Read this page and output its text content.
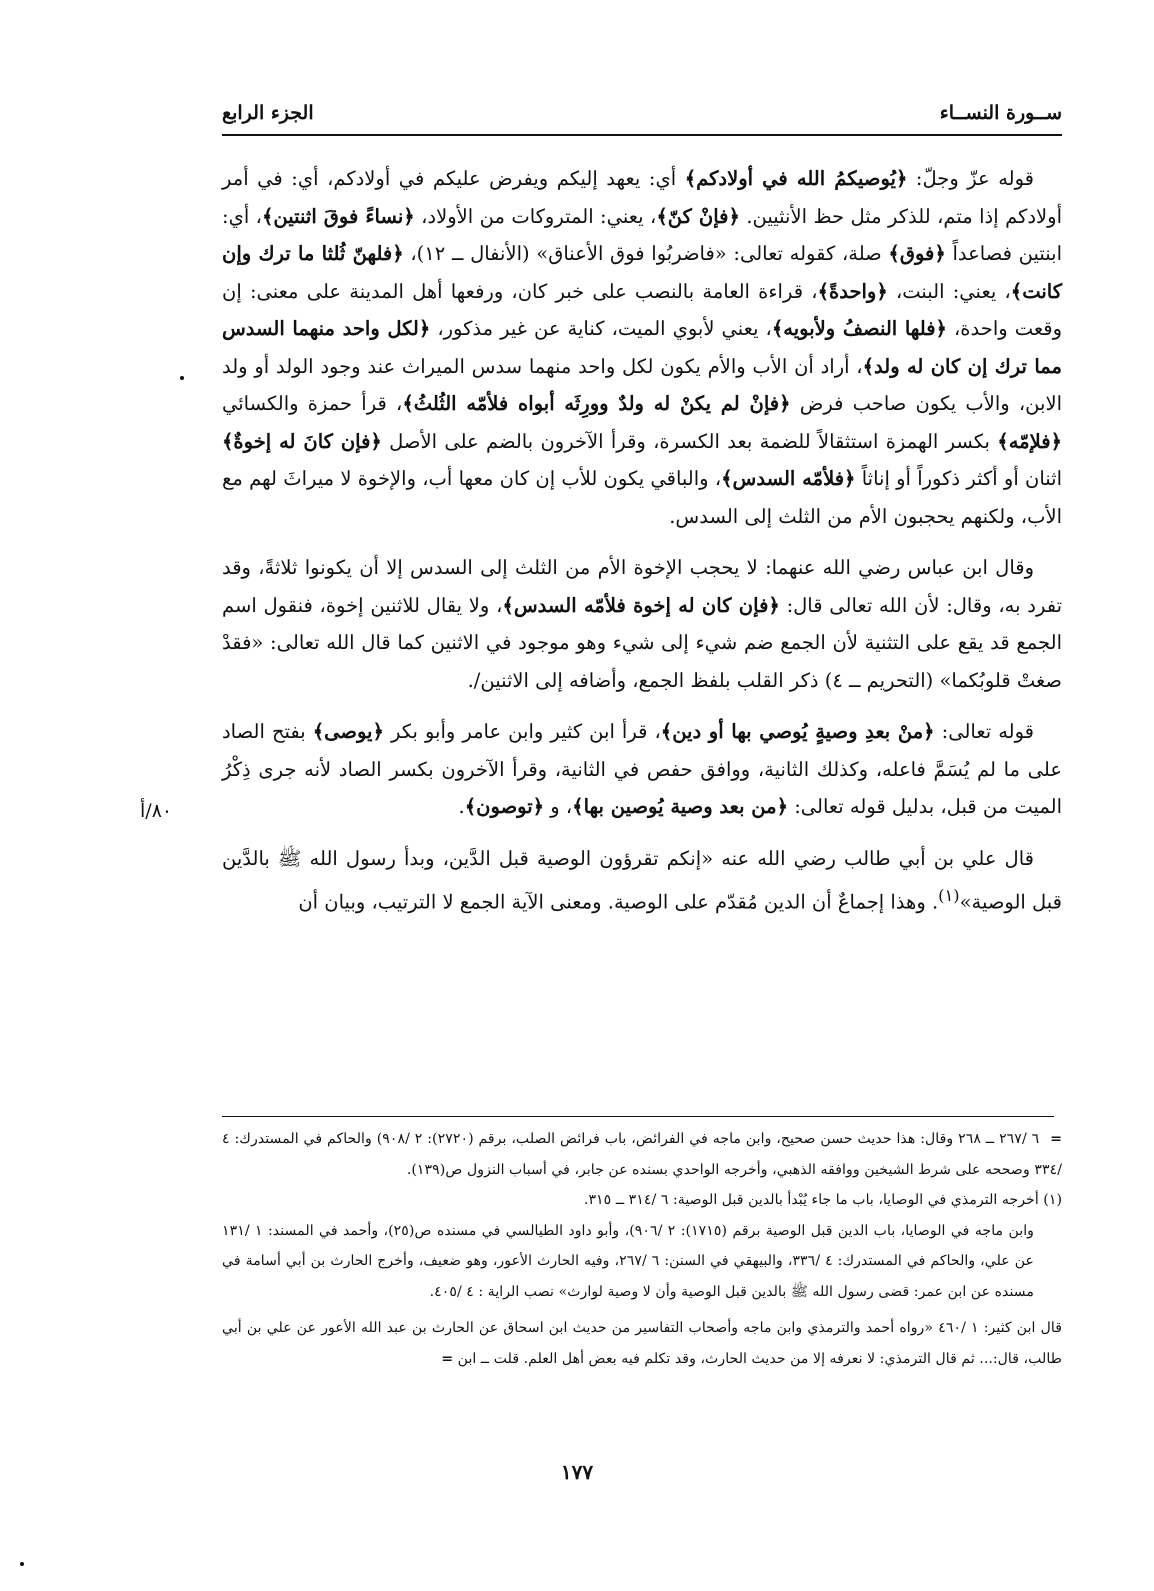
ســورة النســاء
الجزء الرابع

قوله عزّ وجلّ: ﴿يُوصيكمُ الله في أولادكم﴾ أي: يعهد إليكم ويفرض عليكم في أولادكم، أي: في أمر أولادكم إذا متم، للذكر مثل حظ الأنثيين. ﴿فإنْ كنّ﴾، يعني: المتروكات من الأولاد، ﴿نساءً فوقَ اثنتين﴾، أي: ابنتين فصاعداً ﴿فوق﴾ صلة، كقوله تعالى: «فاضربُوا فوق الأعناق» (الأنفال ــ ١٢)، ﴿فلهنّ ثُلثا ما ترك وإن كانت﴾، يعني: البنت، ﴿واحدةً﴾، قراءة العامة بالنصب على خبر كان، ورفعها أهل المدينة على معنى: إن وقعت واحدة، ﴿فلها النصفُ ولأبويه﴾، يعني لأبوي الميت، كناية عن غير مذكور، ﴿لكل واحد منهما السدس مما ترك إن كان له ولد﴾، أراد أن الأب والأم يكون لكل واحد منهما سدس الميراث عند وجود الولد أو ولد الابن، والأب يكون صاحب فرض ﴿فإنْ لم يكنْ له ولدٌ وورِثَه أبواه فلأمّه الثُلثُ﴾، قرأ حمزة والكسائي ﴿فلإمّه﴾ بكسر الهمزة استثقالاً للضمة بعد الكسرة، وقرأ الآخرون بالضم على الأصل ﴿فإن كانَ له إخوةٌ﴾ اثنان أو أكثر ذكوراً أو إناثاً ﴿فلأمّه السدس﴾، والباقي يكون للأب إن كان معها أب، والإخوة لا ميراثَ لهم مع الأب، ولكنهم يحجبون الأم من الثلث إلى السدس.

وقال ابن عباس رضي الله عنهما: لا يحجب الإخوة الأم من الثلث إلى السدس إلا أن يكونوا ثلاثةً، وقد تفرد به، وقال: لأن الله تعالى قال: ﴿فإن كان له إخوة فلأمّه السدس﴾، ولا يقال للاثنين إخوة، فنقول اسم الجمع قد يقع على التثنية لأن الجمع ضم شيء إلى شيء وهو موجود في الاثنين كما قال الله تعالى: «فقدْ صغتْ قلوبُكما» (التحريم ــ ٤) ذكر القلب بلفظ الجمع، وأضافه إلى الاثنين/.

قوله تعالى: ﴿منْ بعدِ وصيةٍ يُوصي بها أو دين﴾، قرأ ابن كثير وابن عامر وأبو بكر ﴿يوصى﴾ بفتح الصاد على ما لم يُسَمَّ فاعله، وكذلك الثانية، ووافق حفص في الثانية، وقرأ الآخرون بكسر الصاد لأنه جرى ذِكْرُ الميت من قبل، بدليل قوله تعالى: ﴿من بعد وصية يُوصين بها﴾، و ﴿توصون﴾.

قال علي بن أبي طالب رضي الله عنه «إنكم تقرؤون الوصية قبل الدَّين، وبدأ رسول الله ﷺ بالدَّين قبل الوصية»$^{(١)}$. وهذا إجماعٌ أن الدين مُقدّم على الوصية. ومعنى الآية الجمع لا الترتيب، وبيان أن

٨٠/أ

= ٦ /٢٦٧ ــ ٢٦٨ وقال: هذا حديث حسن صحيح، وابن ماجه في الفرائض، باب فرائض الصلب، برقم (٢٧٢٠): ٢ /٩٠٨) والحاكم في المستدرك: ٤ /٣٣٤ وصححه على شرط الشيخين ووافقه الذهبي، وأخرجه الواحدي بسنده عن جابر، في أسباب النزول ص(١٣٩).

(١) أخرجه الترمذي في الوصايا، باب ما جاء يُبْدأ بالدين قبل الوصية: ٦ /٣١٤ ــ ٣١٥.

وابن ماجه في الوصايا، باب الدين قبل الوصية برقم (١٧١٥): ٢ /٩٠٦)، وأبو داود الطيالسي في مسنده ص(٢٥)، وأحمد في المسند: ١ /١٣١ عن علي، والحاكم في المستدرك: ٤ /٣٣٦، والبيهقي في السنن: ٦ /٢٦٧، وفيه الحارث الأعور، وهو ضعيف، وأخرج الحارث بن أبي أسامة في مسنده عن ابن عمر: قضى رسول الله ﷺ بالدين قبل الوصية وأن لا وصية لوارث» نصب الراية : ٤ /٤٠٥.

قال ابن كثير: ١ /٤٦٠ «رواه أحمد والترمذي وابن ماجه وأصحاب التفاسير من حديث ابن اسحاق عن الحارث بن عبد الله الأعور عن علي بن أبي طالب، قال:... ثم قال الترمذي: لا نعرفه إلا من حديث الحارث، وقد تكلم فيه بعض أهل العلم. قلت ــ ابن =

١٧٧
